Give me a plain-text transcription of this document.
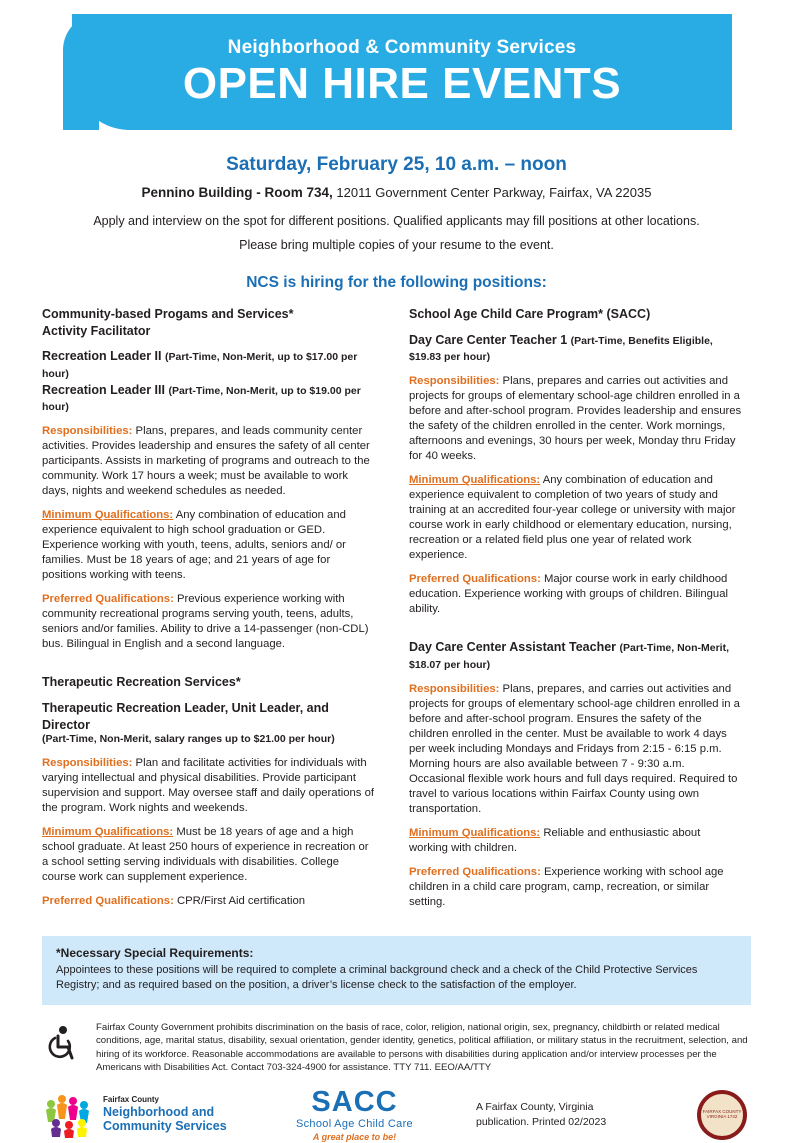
Neighborhood & Community Services
OPEN HIRE EVENTS
Saturday, February 25, 10 a.m. – noon
Pennino Building - Room 734, 12011 Government Center Parkway, Fairfax, VA 22035
Apply and interview on the spot for different positions. Qualified applicants may fill positions at other locations.
Please bring multiple copies of your resume to the event.
NCS is hiring for the following positions:
Community-based Progams and Services*
Activity Facilitator
Recreation Leader II (Part-Time, Non-Merit, up to $17.00 per hour)
Recreation Leader III (Part-Time, Non-Merit, up to $19.00 per hour)
Responsibilities: Plans, prepares, and leads community center activities. Provides leadership and ensures the safety of all center participants. Assists in marketing of programs and outreach to the community. Work 17 hours a week; must be available to work days, nights and weekend schedules as needed.
Minimum Qualifications: Any combination of education and experience equivalent to high school graduation or GED. Experience working with youth, teens, adults, seniors and/ or families. Must be 18 years of age; and 21 years of age for positions working with teens.
Preferred Qualifications: Previous experience working with community recreational programs serving youth, teens, adults, seniors and/or families. Ability to drive a 14-passenger (non-CDL) bus. Bilingual in English and a second language.
Therapeutic Recreation Services*
Therapeutic Recreation Leader, Unit Leader, and Director
(Part-Time, Non-Merit, salary ranges up to $21.00 per hour)
Responsibilities: Plan and facilitate activities for individuals with varying intellectual and physical disabilities. Provide participant supervision and support. May oversee staff and daily operations of the program. Work nights and weekends.
Minimum Qualifications: Must be 18 years of age and a high school graduate. At least 250 hours of experience in recreation or a school setting serving individuals with disabilities. College course work can supplement experience.
Preferred Qualifications: CPR/First Aid certification
School Age Child Care Program* (SACC)
Day Care Center Teacher 1 (Part-Time, Benefits Eligible, $19.83 per hour)
Responsibilities: Plans, prepares and carries out activities and projects for groups of elementary school-age children enrolled in a before and after-school program. Provides leadership and ensures the safety of the children enrolled in the center. Work mornings, afternoons and evenings, 30 hours per week, Monday thru Friday for 40 weeks.
Minimum Qualifications: Any combination of education and experience equivalent to completion of two years of study and training at an accredited four-year college or university with major course work in early childhood or elementary education, nursing, recreation or a related field plus one year of related work experience.
Preferred Qualifications: Major course work in early childhood education. Experience working with groups of children. Bilingual ability.
Day Care Center Assistant Teacher (Part-Time, Non-Merit, $18.07 per hour)
Responsibilities: Plans, prepares, and carries out activities and projects for groups of elementary school-age children enrolled in a before and after-school program. Ensures the safety of the children enrolled in the center. Must be available to work 4 days per week including Mondays and Fridays from 2:15 - 6:15 p.m. Morning hours are also available between 7 - 9:30 a.m. Occasional flexible work hours and full days required. Required to travel to various locations within Fairfax County using own transportation.
Minimum Qualifications: Reliable and enthusiastic about working with children.
Preferred Qualifications: Experience working with school age children in a child care program, camp, recreation, or similar setting.
*Necessary Special Requirements:
Appointees to these positions will be required to complete a criminal background check and a check of the Child Protective Services Registry; and as required based on the position, a driver’s license check to the satisfaction of the employer.
Fairfax County Government prohibits discrimination on the basis of race, color, religion, national origin, sex, pregnancy, childbirth or related medical conditions, age, marital status, disability, sexual orientation, gender identity, genetics, political affiliation, or military status in the recruitment, selection, and hiring of its workforce. Reasonable accommodations are available to persons with disabilities during application and/or interview processes per the Americans with Disabilities Act. Contact 703-324-4900 for assistance. TTY 711. EEO/AA/TTY
Fairfax County
Neighborhood and
Community Services
SACC
School Age Child Care
A great place to be!
A Fairfax County, Virginia
publication. Printed 02/2023
FAIRFAX COUNTY VIRGINIA 1742
